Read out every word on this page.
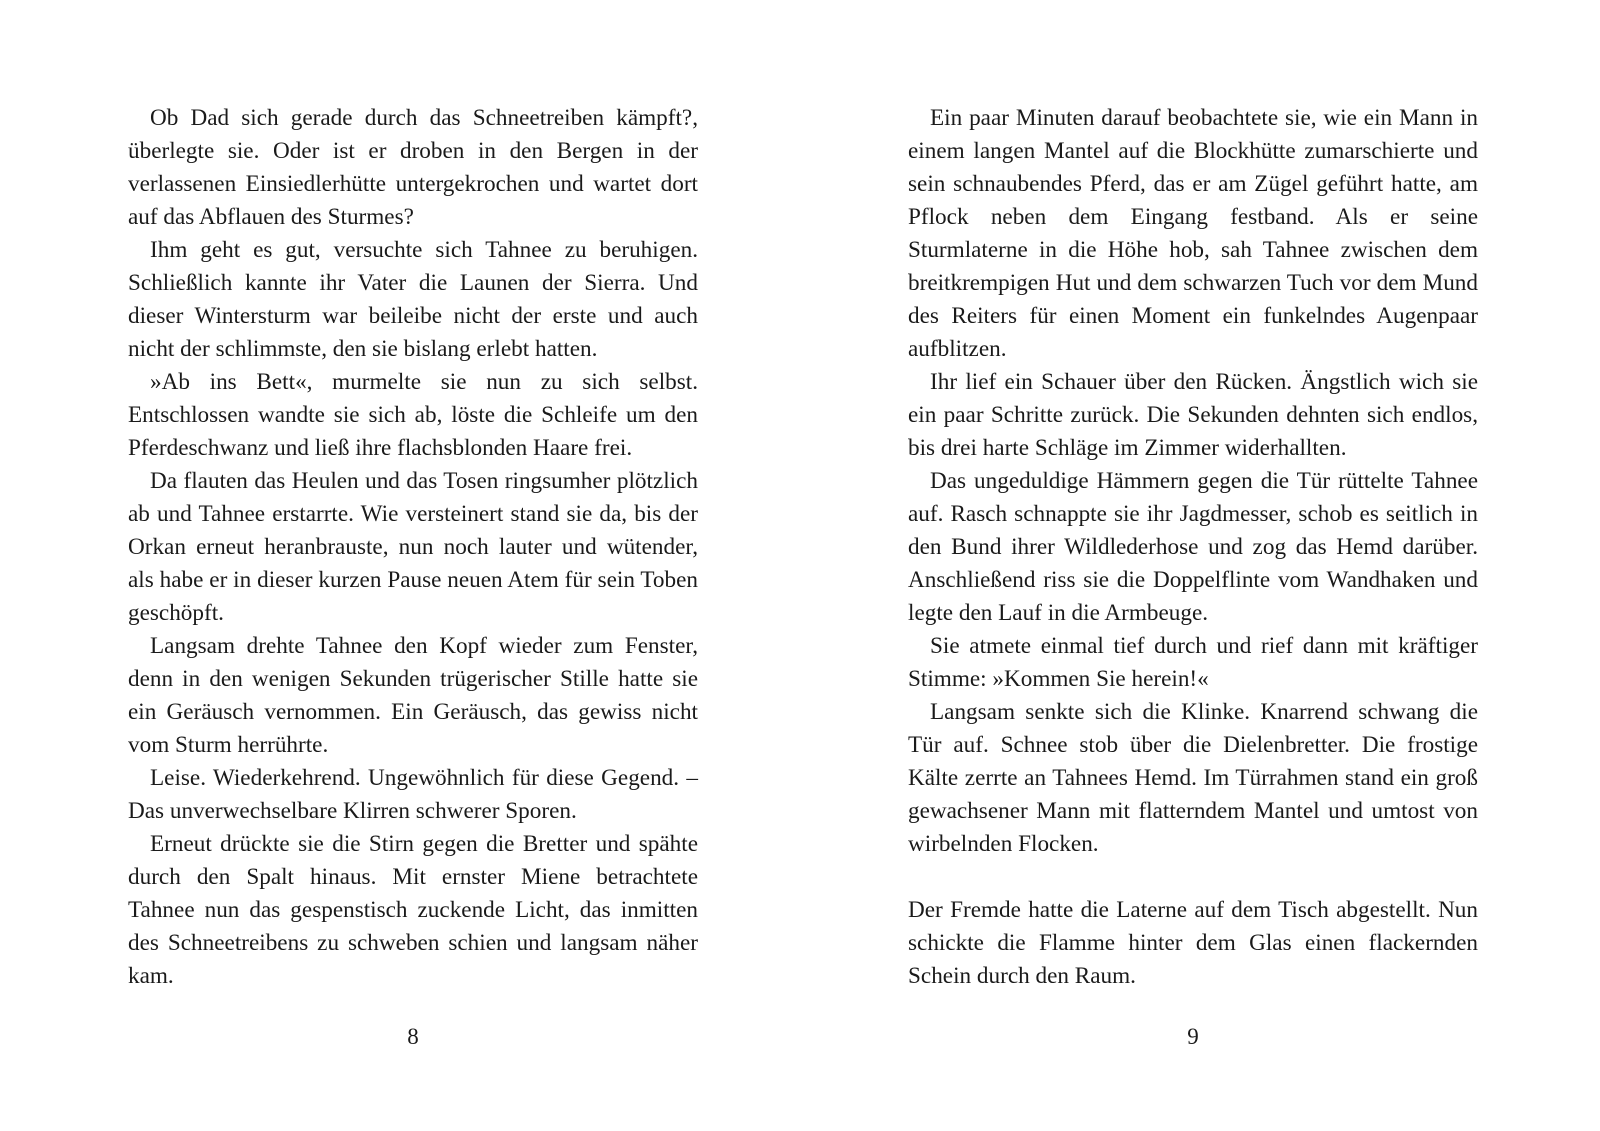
Ob Dad sich gerade durch das Schneetreiben kämpft?, überlegte sie. Oder ist er droben in den Bergen in der verlassenen Einsiedlerhütte untergekrochen und wartet dort auf das Abflauen des Sturmes?

Ihm geht es gut, versuchte sich Tahnee zu beruhigen. Schließlich kannte ihr Vater die Launen der Sierra. Und dieser Wintersturm war beileibe nicht der erste und auch nicht der schlimmste, den sie bislang erlebt hatten.

»Ab ins Bett«, murmelte sie nun zu sich selbst. Entschlossen wandte sie sich ab, löste die Schleife um den Pferdeschwanz und ließ ihre flachsblonden Haare frei.

Da flauten das Heulen und das Tosen ringsumher plötzlich ab und Tahnee erstarrte. Wie versteinert stand sie da, bis der Orkan erneut heranbrauste, nun noch lauter und wütender, als habe er in dieser kurzen Pause neuen Atem für sein Toben geschöpft.

Langsam drehte Tahnee den Kopf wieder zum Fenster, denn in den wenigen Sekunden trügerischer Stille hatte sie ein Geräusch vernommen. Ein Geräusch, das gewiss nicht vom Sturm herrührte.

Leise. Wiederkehrend. Ungewöhnlich für diese Gegend. – Das unverwechselbare Klirren schwerer Sporen.

Erneut drückte sie die Stirn gegen die Bretter und spähte durch den Spalt hinaus. Mit ernster Miene betrachtete Tahnee nun das gespenstisch zuckende Licht, das inmitten des Schneetreibens zu schweben schien und langsam näher kam.

Ein paar Minuten darauf beobachtete sie, wie ein Mann in einem langen Mantel auf die Blockhütte zumarschierte und sein schnaubendes Pferd, das er am Zügel geführt hatte, am Pflock neben dem Eingang festband. Als er seine Sturmlaterne in die Höhe hob, sah Tahnee zwischen dem breitkrempigen Hut und dem schwarzen Tuch vor dem Mund des Reiters für einen Moment ein funkelndes Augenpaar aufblitzen.

Ihr lief ein Schauer über den Rücken. Ängstlich wich sie ein paar Schritte zurück. Die Sekunden dehnten sich endlos, bis drei harte Schläge im Zimmer widerhallten.

Das ungeduldige Hämmern gegen die Tür rüttelte Tahnee auf. Rasch schnappte sie ihr Jagdmesser, schob es seitlich in den Bund ihrer Wildlederhose und zog das Hemd darüber. Anschließend riss sie die Doppelflinte vom Wandhaken und legte den Lauf in die Armbeuge.

Sie atmete einmal tief durch und rief dann mit kräftiger Stimme: »Kommen Sie herein!«

Langsam senkte sich die Klinke. Knarrend schwang die Tür auf. Schnee stob über die Dielenbretter. Die frostige Kälte zerrte an Tahnees Hemd. Im Türrahmen stand ein groß gewachsener Mann mit flatterndem Mantel und umtost von wirbelnden Flocken.

Der Fremde hatte die Laterne auf dem Tisch abgestellt. Nun schickte die Flamme hinter dem Glas einen flackernden Schein durch den Raum.

8	9
